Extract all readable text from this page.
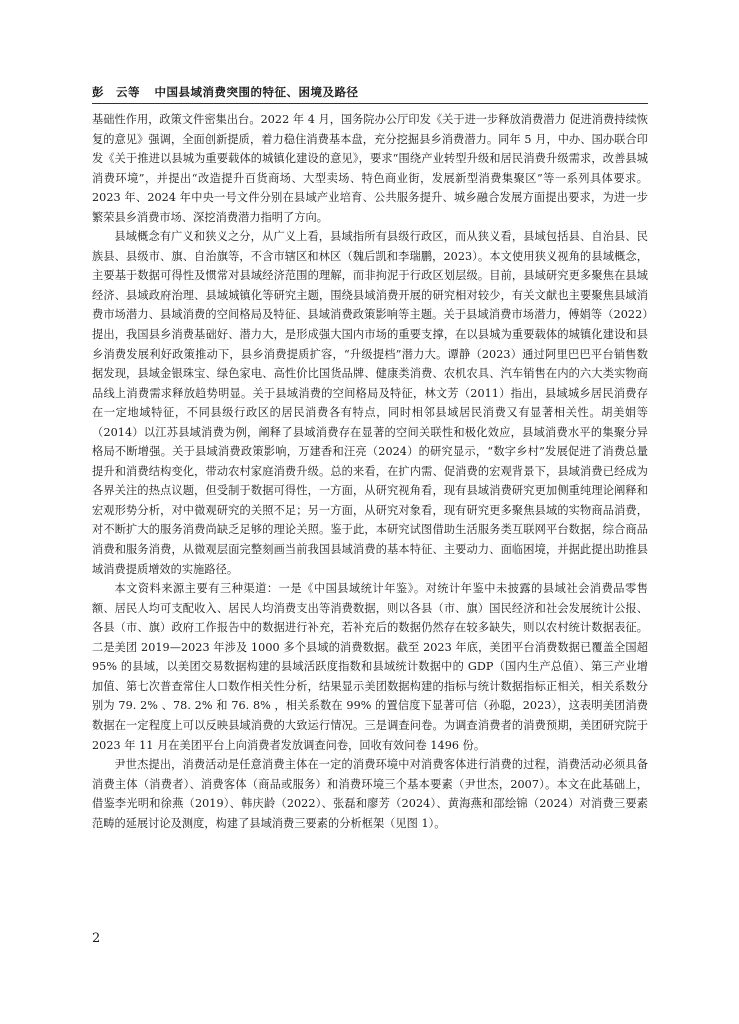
彭　云等 中国县域消费突围的特征、困境及路径

基础性作用，政策文件密集出台。2022 年 4 月，国务院办公厅印发《关于进一步释放消费潜力 促进消费持续恢复的意见》强调，全面创新提质，着力稳住消费基本盘，充分挖掘县乡消费潜力。同年 5 月，中办、国办联合印发《关于推进以县城为重要载体的城镇化建设的意见》，要求“围绕产业转型升级和居民消费升级需求，改善县城消费环境”，并提出“改造提升百货商场、大型卖场、特色商业街，发展新型消费集聚区”等一系列具体要求。2023 年、2024 年中央一号文件分别在县域产业培育、公共服务提升、城乡融合发展方面提出要求，为进一步繁荣县乡消费市场、深挖消费潜力指明了方向。

县域概念有广义和狭义之分，从广义上看，县域指所有县级行政区，而从狭义看，县域包括县、自治县、民族县、县级市、旗、自治旗等，不含市辖区和林区（魏后凯和李瑞鹏，2023）。本文使用狭义视角的县域概念，主要基于数据可得性及惯常对县域经济范围的理解，而非拘泥于行政区划层级。目前，县域研究更多聚焦在县域经济、县域政府治理、县域城镇化等研究主题，围绕县域消费开展的研究相对较少，有关文献也主要聚焦县域消费市场潜力、县域消费的空间格局及特征、县域消费政策影响等主题。关于县域消费市场潜力，傅娟等（2022）提出，我国县乡消费基础好、潜力大，是形成强大国内市场的重要支撑，在以县城为重要载体的城镇化建设和县乡消费发展利好政策推动下，县乡消费提质扩容，“升级提档”潜力大。谭静（2023）通过阿里巴巴平台销售数据发现，县域金银珠宝、绿色家电、高性价比国货品牌、健康类消费、农机农具、汽车销售在内的六大类实物商品线上消费需求释放趋势明显。关于县域消费的空间格局及特征，林文芳（2011）指出，县域城乡居民消费存在一定地域特征，不同县级行政区的居民消费各有特点，同时相邻县域居民消费又有显著相关性。胡美娟等（2014）以江苏县域消费为例，阐释了县域消费存在显著的空间关联性和极化效应，县域消费水平的集聚分异格局不断增强。关于县域消费政策影响，万建香和汪亮（2024）的研究显示，“数字乡村”发展促进了消费总量提升和消费结构变化，带动农村家庭消费升级。总的来看，在扩内需、促消费的宏观背景下，县域消费已经成为各界关注的热点议题，但受制于数据可得性，一方面，从研究视角看，现有县域消费研究更加侧重纯理论阐释和宏观形势分析，对中微观研究的关照不足；另一方面，从研究对象看，现有研究更多聚焦县域的实物商品消费，对不断扩大的服务消费尚缺乏足够的理论关照。鉴于此，本研究试图借助生活服务类互联网平台数据，综合商品消费和服务消费，从微观层面完整刻画当前我国县域消费的基本特征、主要动力、面临困境，并据此提出助推县域消费提质增效的实施路径。

本文资料来源主要有三种渠道：一是《中国县域统计年鉴》。对统计年鉴中未披露的县域社会消费品零售额、居民人均可支配收入、居民人均消费支出等消费数据，则以各县（市、旗）国民经济和社会发展统计公报、各县（市、旗）政府工作报告中的数据进行补充，若补充后的数据仍然存在较多缺失，则以农村统计数据表征。二是美团 2019—2023 年涉及 1000 多个县域的消费数据。截至 2023 年底，美团平台消费数据已覆盖全国超 95% 的县域，以美团交易数据构建的县域活跃度指数和县域统计数据中的 GDP（国内生产总值）、第三产业增加值、第七次普查常住人口数作相关性分析，结果显示美团数据构建的指标与统计数据指标正相关，相关系数分别为 79. 2% 、78. 2% 和 76. 8% ，相关系数在 99% 的置信度下显著可信（孙聪，2023），这表明美团消费数据在一定程度上可以反映县域消费的大致运行情况。三是调查问卷。为调查消费者的消费预期，美团研究院于 2023 年 11 月在美团平台上向消费者发放调查问卷，回收有效问卷 1496 份。

尹世杰提出，消费活动是任意消费主体在一定的消费环境中对消费客体进行消费的过程，消费活动必须具备消费主体（消费者）、消费客体（商品或服务）和消费环境三个基本要素（尹世杰，2007）。本文在此基础上，借鉴李光明和徐燕（2019）、韩庆龄（2022）、张磊和廖芳（2024）、黄海燕和邵绘锦（2024）对消费三要素范畴的延展讨论及测度，构建了县域消费三要素的分析框架（见图 1）。

2
